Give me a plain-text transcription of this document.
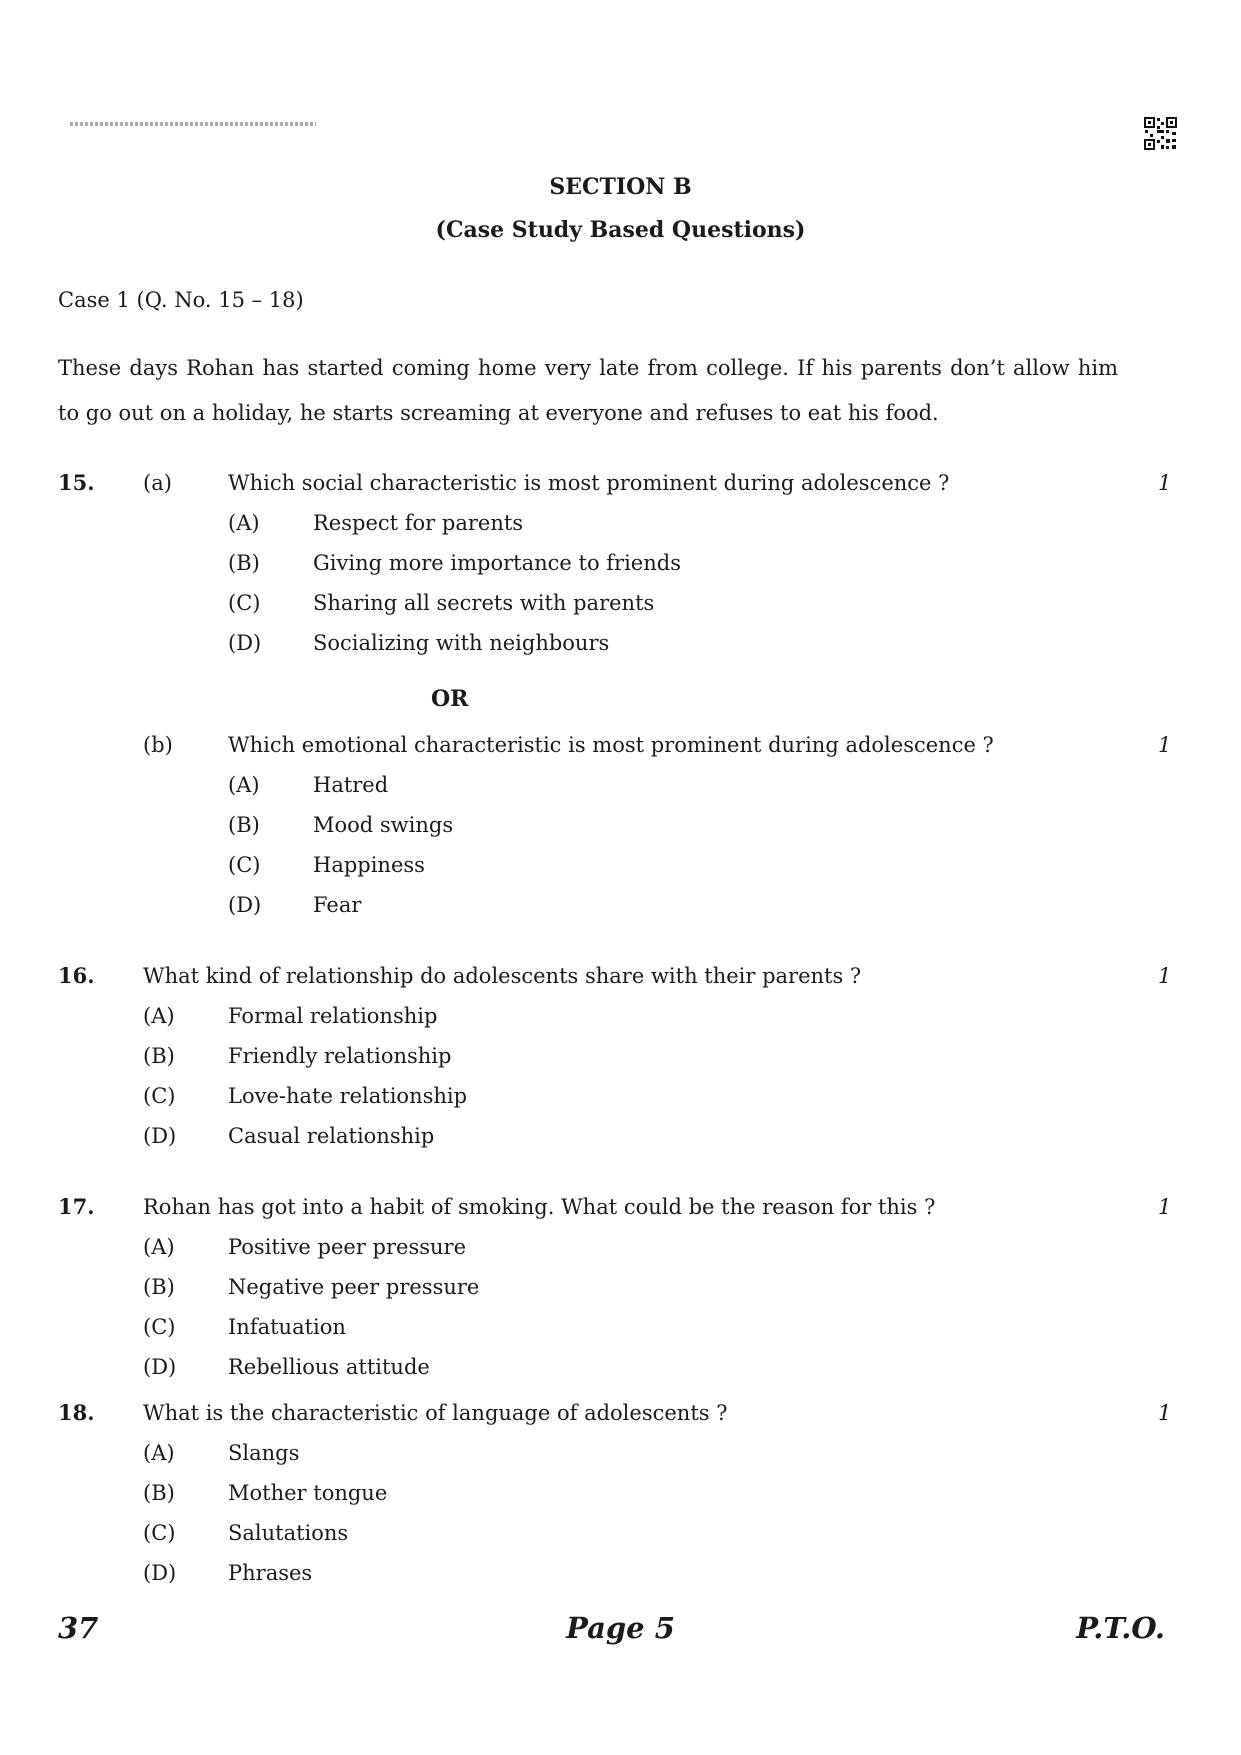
SECTION B
(Case Study Based Questions)
Case 1 (Q. No. 15 – 18)
These days Rohan has started coming home very late from college. If his parents don’t allow him to go out on a holiday, he starts screaming at everyone and refuses to eat his food.
15. (a)	Which social characteristic is most prominent during adolescence ?	1
(A)	Respect for parents
(B)	Giving more importance to friends
(C)	Sharing all secrets with parents
(D) Socializing with neighbours
OR
(b)	Which emotional characteristic is most prominent during adolescence ?	1
(A)	Hatred
(B)	Mood swings
(C)	Happiness
(D) Fear
16. What kind of relationship do adolescents share with their parents ?	1
(A)	Formal relationship
(B)	Friendly relationship
(C)	Love-hate relationship
(D) Casual relationship
17. Rohan has got into a habit of smoking. What could be the reason for this ?	1
(A)	Positive peer pressure
(B)	Negative peer pressure
(C)	Infatuation
(D) Rebellious attitude
18. What is the characteristic of language of adolescents ?	1
(A)	Slangs
(B)	Mother tongue
(C)	Salutations
(D) Phrases
37	Page 5	P.T.O.
